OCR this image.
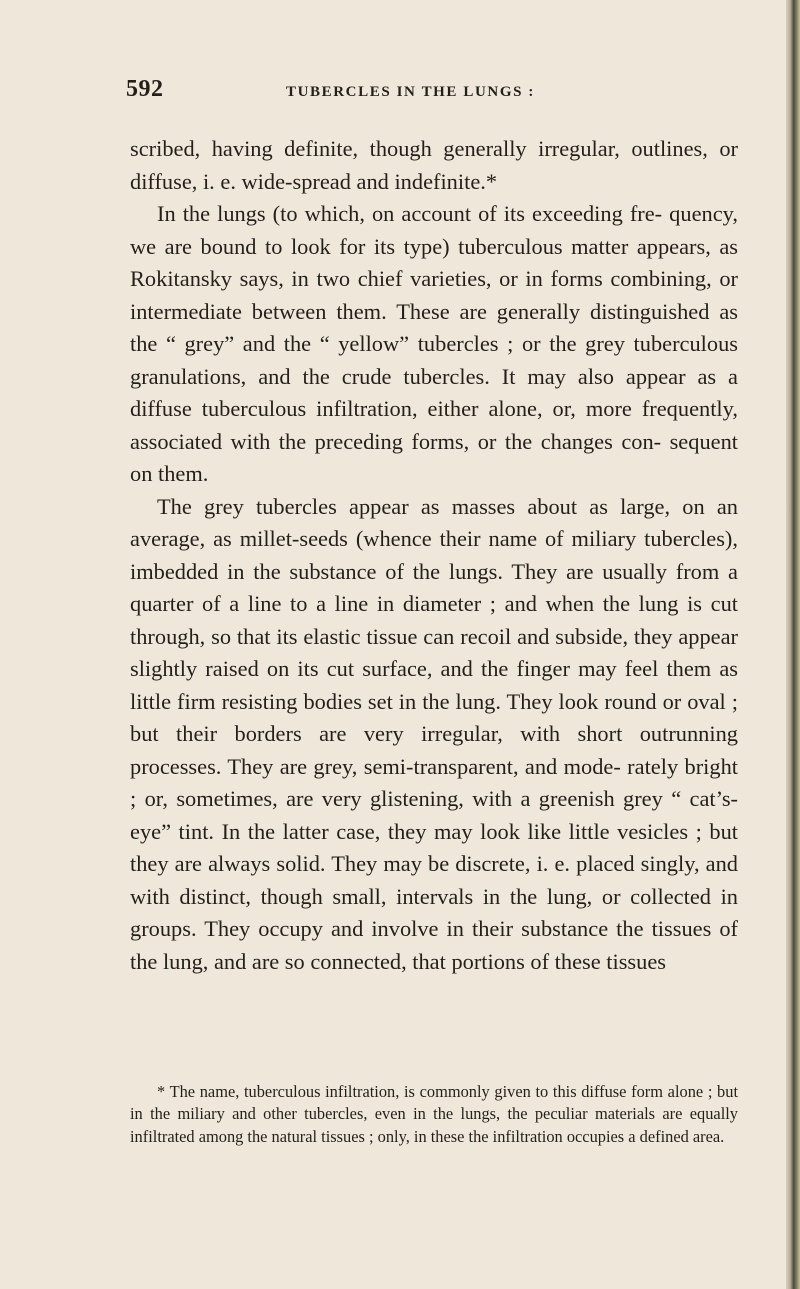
592	TUBERCLES IN THE LUNGS :

scribed, having definite, though generally irregular, outlines, or diffuse, i. e. wide-spread and indefinite.*

In the lungs (to which, on account of its exceeding fre- quency, we are bound to look for its type) tuberculous matter appears, as Rokitansky says, in two chief varieties, or in forms combining, or intermediate between them. These are generally distinguished as the “ grey” and the “ yellow” tubercles ; or the grey tuberculous granulations, and the crude tubercles. It may also appear as a diffuse tuberculous infiltration, either alone, or, more frequently, associated with the preceding forms, or the changes con- sequent on them.

The grey tubercles appear as masses about as large, on an average, as millet-seeds (whence their name of miliary tubercles), imbedded in the substance of the lungs. They are usually from a quarter of a line to a line in diameter ; and when the lung is cut through, so that its elastic tissue can recoil and subside, they appear slightly raised on its cut surface, and the finger may feel them as little firm resisting bodies set in the lung. They look round or oval ; but their borders are very irregular, with short outrunning processes. They are grey, semi-transparent, and mode- rately bright ; or, sometimes, are very glistening, with a greenish grey “ cat’s-eye” tint. In the latter case, they may look like little vesicles ; but they are always solid. They may be discrete, i. e. placed singly, and with distinct, though small, intervals in the lung, or collected in groups. They occupy and involve in their substance the tissues of the lung, and are so connected, that portions of these tissues

* The name, tuberculous infiltration, is commonly given to this diffuse form alone ; but in the miliary and other tubercles, even in the lungs, the peculiar materials are equally infiltrated among the natural tissues ; only, in these the infiltration occupies a defined area.
